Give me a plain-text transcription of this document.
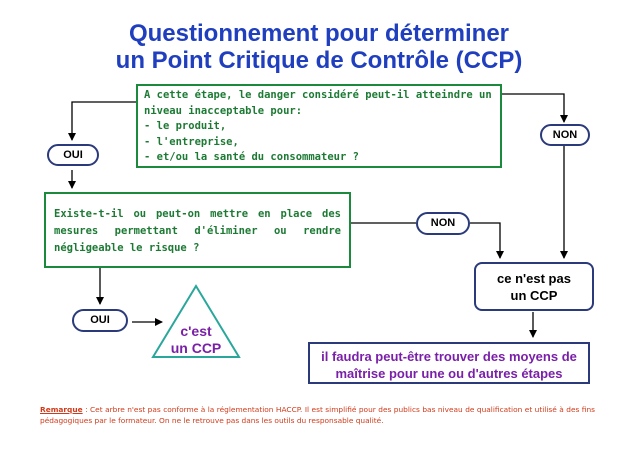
Questionnement pour déterminer
un Point Critique de Contrôle (CCP)
A cette étape, le danger considéré peut-il atteindre un
niveau inacceptable pour:
- le produit,
- l'entreprise,
- et/ou la santé du consommateur ?
Existe-t-il ou peut-on mettre en place des
mesures permettant d'éliminer ou rendre
négligeable le risque ?
OUI
NON
NON
OUI
ce n'est pas
un CCP
c'est
un CCP
il faudra peut-être trouver des moyens de
maîtrise pour une ou d'autres étapes
Remarque : Cet arbre n'est pas conforme à la réglementation HACCP. Il est simplifié pour des publics bas niveau de qualification et utilisé à des fins pédagogiques par le formateur. On ne le retrouve pas dans les outils du responsable qualité.
